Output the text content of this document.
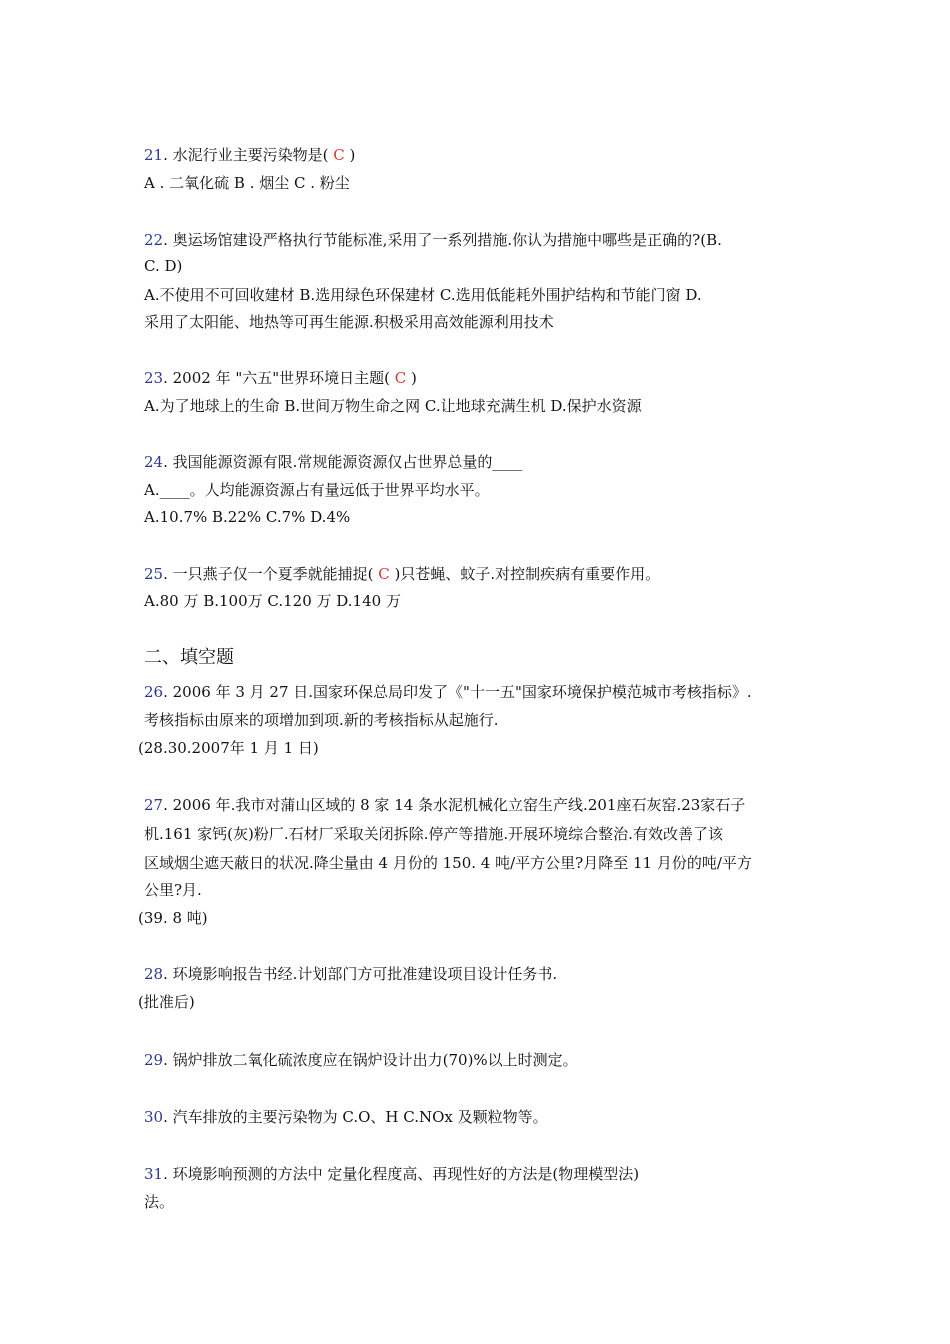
21. 水泥行业主要污染物是( C )
A . 二氧化硫 B . 烟尘 C . 粉尘
22. 奥运场馆建设严格执行节能标准,采用了一系列措施.你认为措施中哪些是正确的?(B.
C. D)
A.不使用不可回收建材 B.选用绿色环保建材 C.选用低能耗外围护结构和节能门窗 D.
采用了太阳能、地热等可再生能源.积极采用高效能源利用技术
23. 2002 年 "六五"世界环境日主题( C )
A.为了地球上的生命 B.世间万物生命之网 C.让地球充满生机 D.保护水资源
24. 我国能源资源有限.常规能源资源仅占世界总量的____
A.____。人均能源资源占有量远低于世界平均水平。
A.10.7% B.22% C.7% D.4%
25. 一只燕子仅一个夏季就能捕捉( C )只苍蝇、蚊子.对控制疾病有重要作用。
A.80 万 B.100万 C.120 万 D.140 万
二、填空题
26. 2006 年 3 月 27 日.国家环保总局印发了《"十一五"国家环境保护模范城市考核指标》.
考核指标由原来的项增加到项.新的考核指标从起施行.
(28.30.2007年 1 月 1 日)
27. 2006 年.我市对蒲山区域的 8 家 14 条水泥机械化立窑生产线.201座石灰窑.23家石子
机.161 家钙(灰)粉厂.石材厂采取关闭拆除.停产等措施.开展环境综合整治.有效改善了该
区域烟尘遮天蔽日的状况.降尘量由 4 月份的 150. 4 吨/平方公里?月降至 11 月份的吨/平方
公里?月.
(39. 8 吨)
28. 环境影响报告书经.计划部门方可批准建设项目设计任务书.
(批准后)
29. 锅炉排放二氧化硫浓度应在锅炉设计出力(70)%以上时测定。
30. 汽车排放的主要污染物为 C.O、H C.NOx 及颗粒物等。
31. 环境影响预测的方法中 定量化程度高、再现性好的方法是(物理模型法)
法。
